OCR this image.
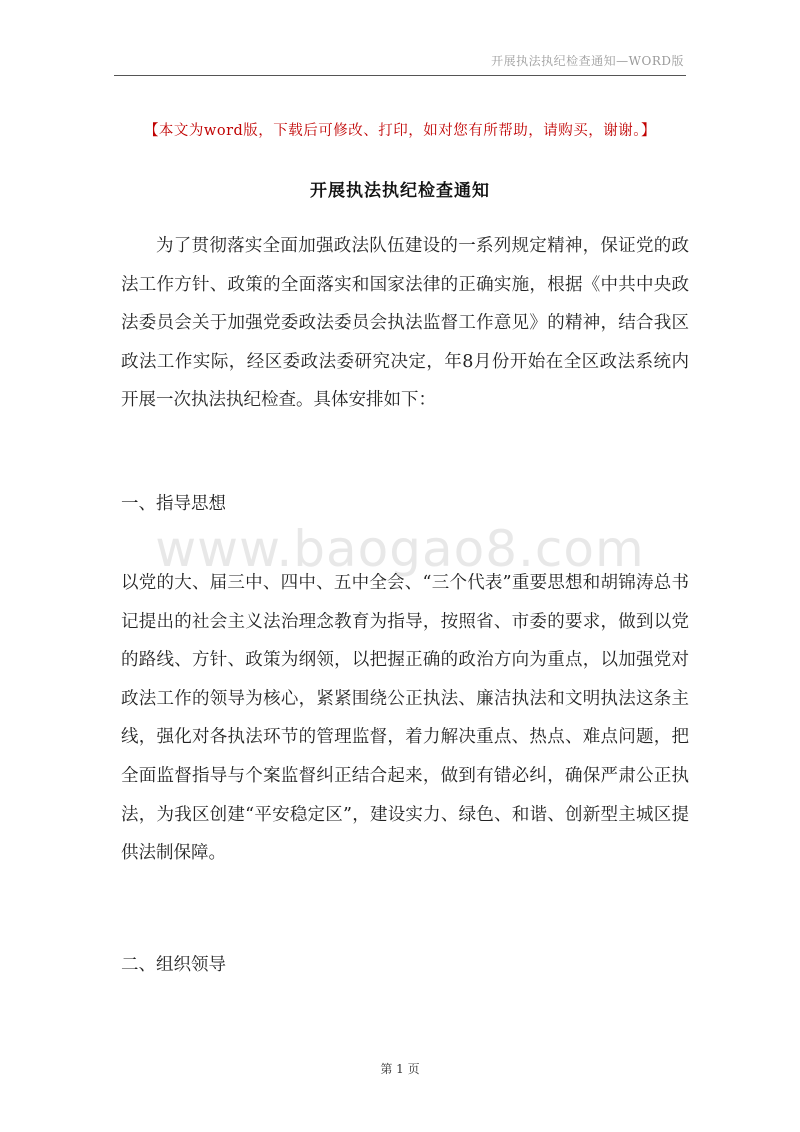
开展执法执纪检查通知—WORD版
【本文为word版，下载后可修改、打印，如对您有所帮助，请购买，谢谢。】
开展执法执纪检查通知

为了贯彻落实全面加强政法队伍建设的一系列规定精神，保证党的政法工作方针、政策的全面落实和国家法律的正确实施，根据《中共中央政法委员会关于加强党委政法委员会执法监督工作意见》的精神，结合我区政法工作实际，经区委政法委研究决定，年8月份开始在全区政法系统内开展一次执法执纪检查。具体安排如下：

一、指导思想

www.baogao8.com

以党的大、届三中、四中、五中全会、“三个代表”重要思想和胡锦涛总书记提出的社会主义法治理念教育为指导，按照省、市委的要求，做到以党的路线、方针、政策为纲领，以把握正确的政治方向为重点，以加强党对政法工作的领导为核心，紧紧围绕公正执法、廉洁执法和文明执法这条主线，强化对各执法环节的管理监督，着力解决重点、热点、难点问题，把全面监督指导与个案监督纠正结合起来，做到有错必纠，确保严肃公正执法，为我区创建“平安稳定区”，建设实力、绿色、和谐、创新型主城区提供法制保障。

二、组织领导

第 1 页
